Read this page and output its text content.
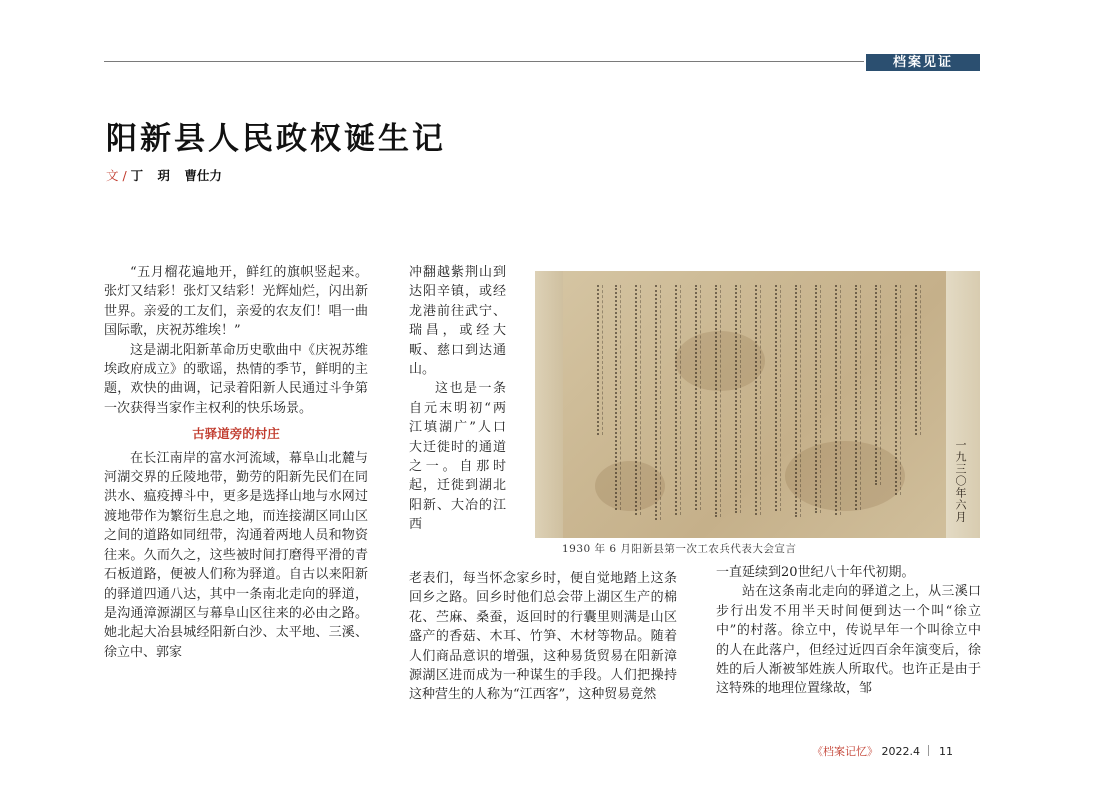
档案见证
阳新县人民政权诞生记
文 / 丁 玥 曹仕力

“五月榴花遍地开，鲜红的旗帜竖起来。张灯又结彩！张灯又结彩！光辉灿烂，闪出新世界。亲爱的工友们，亲爱的农友们！唱一曲国际歌，庆祝苏维埃！”

这是湖北阳新革命历史歌曲中《庆祝苏维埃政府成立》的歌谣，热情的季节，鲜明的主题，欢快的曲调，记录着阳新人民通过斗争第一次获得当家作主权利的快乐场景。

古驿道旁的村庄

在长江南岸的富水河流域，幕阜山北麓与河湖交界的丘陵地带，勤劳的阳新先民们在同洪水、瘟疫搏斗中，更多是选择山地与水网过渡地带作为繁衍生息之地，而连接湖区同山区之间的道路如同纽带，沟通着两地人员和物资往来。久而久之，这些被时间打磨得平滑的青石板道路，便被人们称为驿道。自古以来阳新的驿道四通八达，其中一条南北走向的驿道，是沟通漳源湖区与幕阜山区往来的必由之路。她北起大冶县城经阳新白沙、太平地、三溪、徐立中、郭家

冲翻越紫荆山到达阳辛镇，或经龙港前往武宁、瑞昌，或经大畈、慈口到达通山。

这也是一条自元末明初“两江填湖广”人口大迁徙时的通道之一。自那时起，迁徙到湖北阳新、大冶的江西

一九三〇年六月
1930 年 6 月阳新县第一次工农兵代表大会宣言

老表们，每当怀念家乡时，便自觉地踏上这条回乡之路。回乡时他们总会带上湖区生产的棉花、苎麻、桑蚕，返回时的行囊里则满是山区盛产的香菇、木耳、竹笋、木材等物品。随着人们商品意识的增强，这种易货贸易在阳新漳源湖区进而成为一种谋生的手段。人们把操持这种营生的人称为“江西客”，这种贸易竟然

一直延续到20世纪八十年代初期。

站在这条南北走向的驿道之上，从三溪口步行出发不用半天时间便到达一个叫“徐立中”的村落。徐立中，传说早年一个叫徐立中的人在此落户，但经过近四百余年演变后，徐姓的后人渐被邹姓族人所取代。也许正是由于这特殊的地理位置缘故，邹

《档案记忆》 2022.4 11
